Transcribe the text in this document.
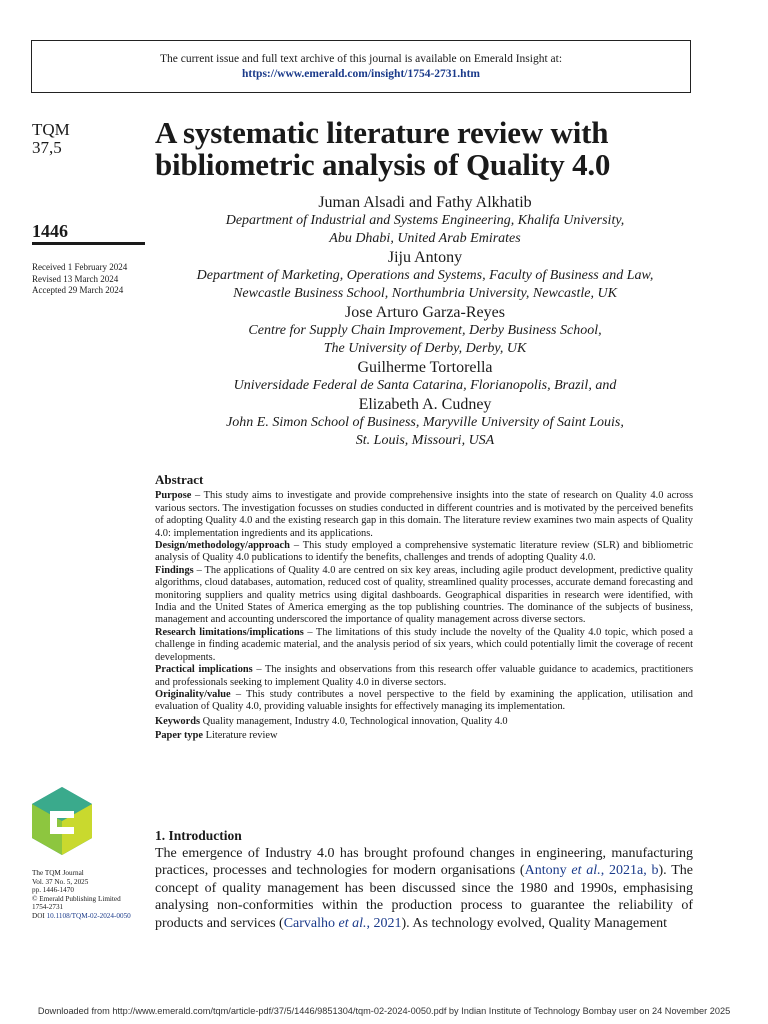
The current issue and full text archive of this journal is available on Emerald Insight at:
https://www.emerald.com/insight/1754-2731.htm
TQM
37,5
1446
Received 1 February 2024
Revised 13 March 2024
Accepted 29 March 2024
The TQM Journal
Vol. 37 No. 5, 2025
pp. 1446-1470
© Emerald Publishing Limited
1754-2731
DOI 10.1108/TQM-02-2024-0050
A systematic literature review with
bibliometric analysis of Quality 4.0
Juman Alsadi and Fathy Alkhatib
Department of Industrial and Systems Engineering, Khalifa University,
Abu Dhabi, United Arab Emirates
Jiju Antony
Department of Marketing, Operations and Systems, Faculty of Business and Law,
Newcastle Business School, Northumbria University, Newcastle, UK
Jose Arturo Garza-Reyes
Centre for Supply Chain Improvement, Derby Business School,
The University of Derby, Derby, UK
Guilherme Tortorella
Universidade Federal de Santa Catarina, Florianopolis, Brazil, and
Elizabeth A. Cudney
John E. Simon School of Business, Maryville University of Saint Louis,
St. Louis, Missouri, USA
Abstract

Purpose – This study aims to investigate and provide comprehensive insights into the state of research on Quality 4.0 across various sectors. The investigation focusses on studies conducted in different countries and is motivated by the perceived benefits of adopting Quality 4.0 and the existing research gap in this domain. The literature review examines two main aspects of Quality 4.0: implementation ingredients and its applications.

Design/methodology/approach – This study employed a comprehensive systematic literature review (SLR) and bibliometric analysis of Quality 4.0 publications to identify the benefits, challenges and trends of adopting Quality 4.0.

Findings – The applications of Quality 4.0 are centred on six key areas, including agile product development, predictive quality algorithms, cloud databases, automation, reduced cost of quality, streamlined quality processes, accurate demand forecasting and monitoring suppliers and quality metrics using digital dashboards. Geographical disparities in research were identified, with India and the United States of America emerging as the top publishing countries. The dominance of the subjects of business, management and accounting underscored the importance of quality management across diverse sectors.

Research limitations/implications – The limitations of this study include the novelty of the Quality 4.0 topic, which posed a challenge in finding academic material, and the analysis period of six years, which could potentially limit the coverage of recent developments.

Practical implications – The insights and observations from this research offer valuable guidance to academics, practitioners and professionals seeking to implement Quality 4.0 in diverse sectors.

Originality/value – This study contributes a novel perspective to the field by examining the application, utilisation and evaluation of Quality 4.0, providing valuable insights for effectively managing its implementation.

Keywords Quality management, Industry 4.0, Technological innovation, Quality 4.0

Paper type Literature review

1. Introduction
The emergence of Industry 4.0 has brought profound changes in engineering, manufacturing practices, processes and technologies for modern organisations (Antony et al., 2021a, b). The concept of quality management has been discussed since the 1980 and 1990s, emphasising analysing non-conformities within the production process to guarantee the reliability of products and services (Carvalho et al., 2021). As technology evolved, Quality Management
Downloaded from http://www.emerald.com/tqm/article-pdf/37/5/1446/9851304/tqm-02-2024-0050.pdf by Indian Institute of Technology Bombay user on 24 November 2025
